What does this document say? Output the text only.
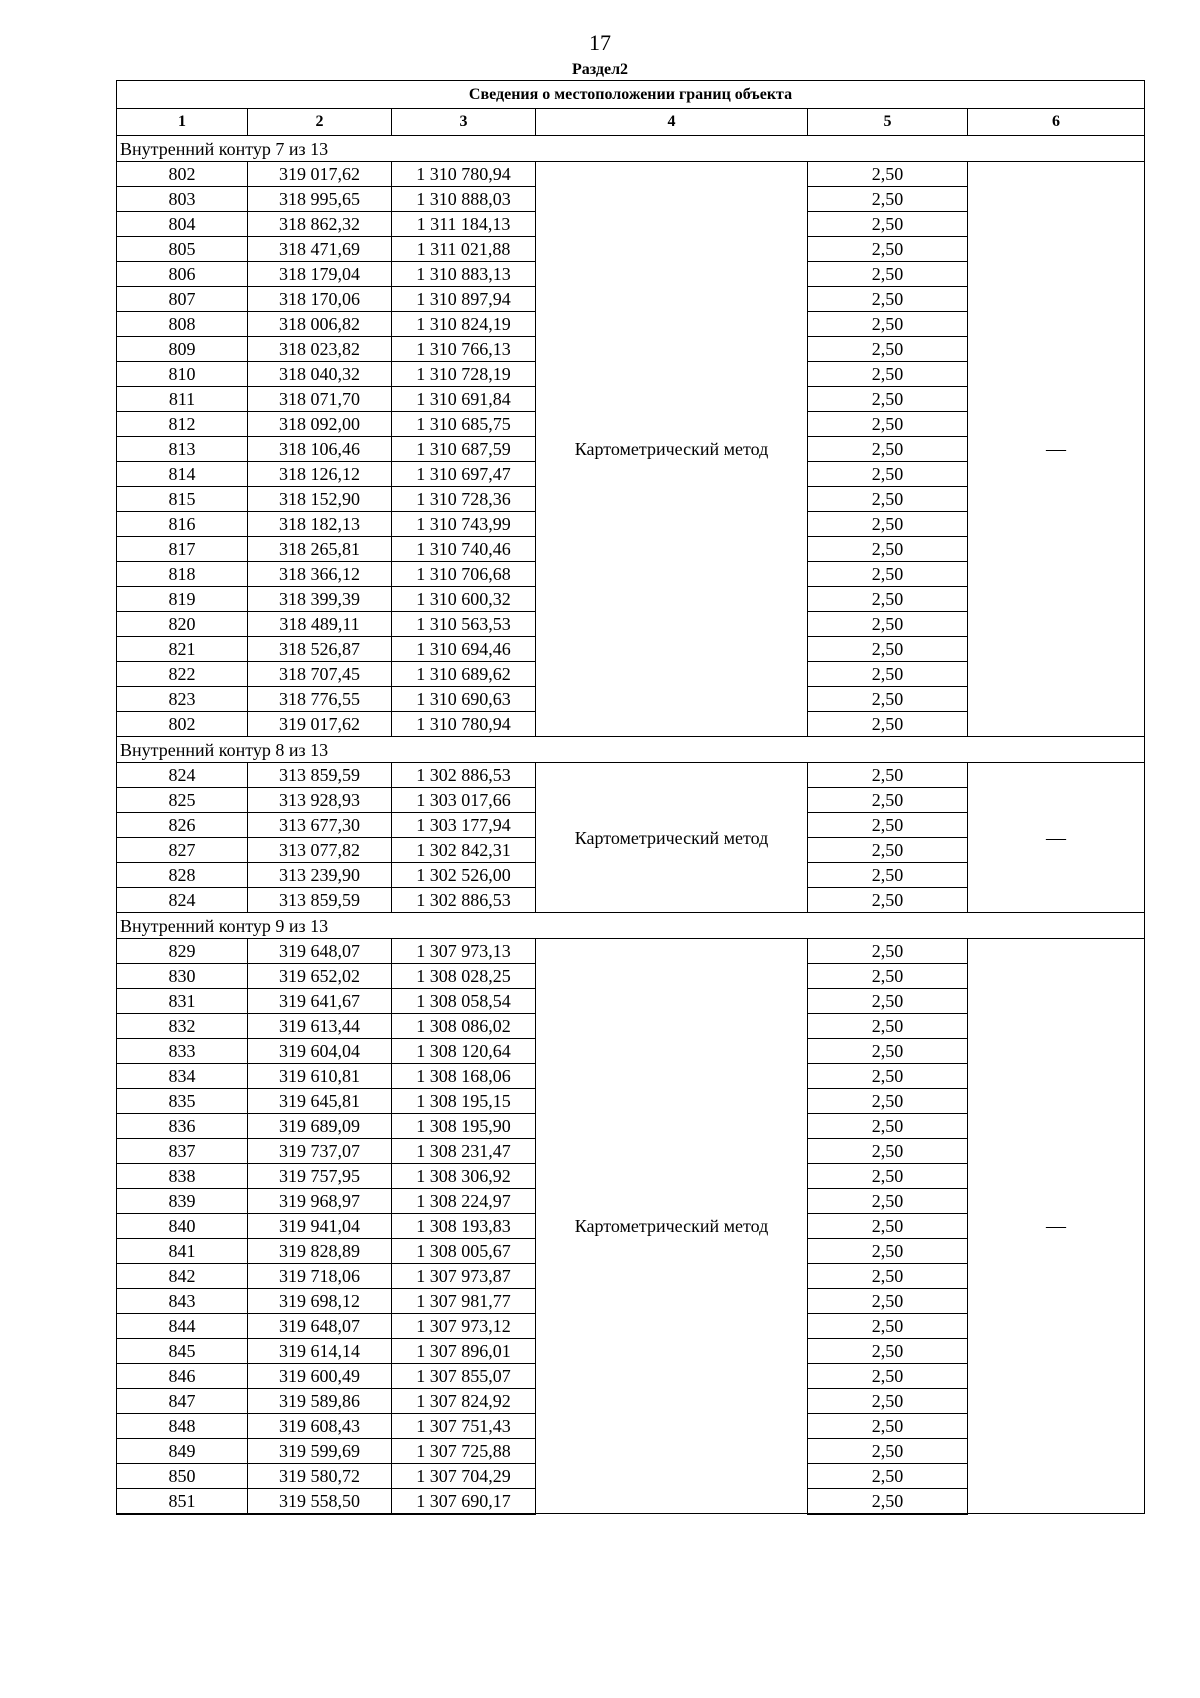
17
Раздел2
Сведения о местоположении границ объекта					
1	2	3	4	5	6
Внутренний контур 7 из 13					
802	319 017,62	1 310 780,94	Картометрический метод	2,50	—
803	318 995,65	1 310 888,03		2,50	
804	318 862,32	1 311 184,13		2,50	
805	318 471,69	1 311 021,88		2,50	
806	318 179,04	1 310 883,13		2,50	
807	318 170,06	1 310 897,94		2,50	
808	318 006,82	1 310 824,19		2,50	
809	318 023,82	1 310 766,13		2,50	
810	318 040,32	1 310 728,19		2,50	
811	318 071,70	1 310 691,84		2,50	
812	318 092,00	1 310 685,75		2,50	
813	318 106,46	1 310 687,59		2,50	
814	318 126,12	1 310 697,47		2,50	
815	318 152,90	1 310 728,36		2,50	
816	318 182,13	1 310 743,99		2,50	
817	318 265,81	1 310 740,46		2,50	
818	318 366,12	1 310 706,68		2,50	
819	318 399,39	1 310 600,32		2,50	
820	318 489,11	1 310 563,53		2,50	
821	318 526,87	1 310 694,46		2,50	
822	318 707,45	1 310 689,62		2,50	
823	318 776,55	1 310 690,63		2,50	
802	319 017,62	1 310 780,94		2,50	
Внутренний контур 8 из 13					
824	313 859,59	1 302 886,53	Картометрический метод	2,50	—
825	313 928,93	1 303 017,66		2,50	
826	313 677,30	1 303 177,94		2,50	
827	313 077,82	1 302 842,31		2,50	
828	313 239,90	1 302 526,00		2,50	
824	313 859,59	1 302 886,53		2,50	
Внутренний контур 9 из 13					
829	319 648,07	1 307 973,13	Картометрический метод	2,50	—
830	319 652,02	1 308 028,25		2,50	
831	319 641,67	1 308 058,54		2,50	
832	319 613,44	1 308 086,02		2,50	
833	319 604,04	1 308 120,64		2,50	
834	319 610,81	1 308 168,06		2,50	
835	319 645,81	1 308 195,15		2,50	
836	319 689,09	1 308 195,90		2,50	
837	319 737,07	1 308 231,47		2,50	
838	319 757,95	1 308 306,92		2,50	
839	319 968,97	1 308 224,97		2,50	
840	319 941,04	1 308 193,83		2,50	
841	319 828,89	1 308 005,67		2,50	
842	319 718,06	1 307 973,87		2,50	
843	319 698,12	1 307 981,77		2,50	
844	319 648,07	1 307 973,12		2,50	
845	319 614,14	1 307 896,01		2,50	
846	319 600,49	1 307 855,07		2,50	
847	319 589,86	1 307 824,92		2,50	
848	319 608,43	1 307 751,43		2,50	
849	319 599,69	1 307 725,88		2,50	
850	319 580,72	1 307 704,29		2,50	
851	319 558,50	1 307 690,17		2,50	
